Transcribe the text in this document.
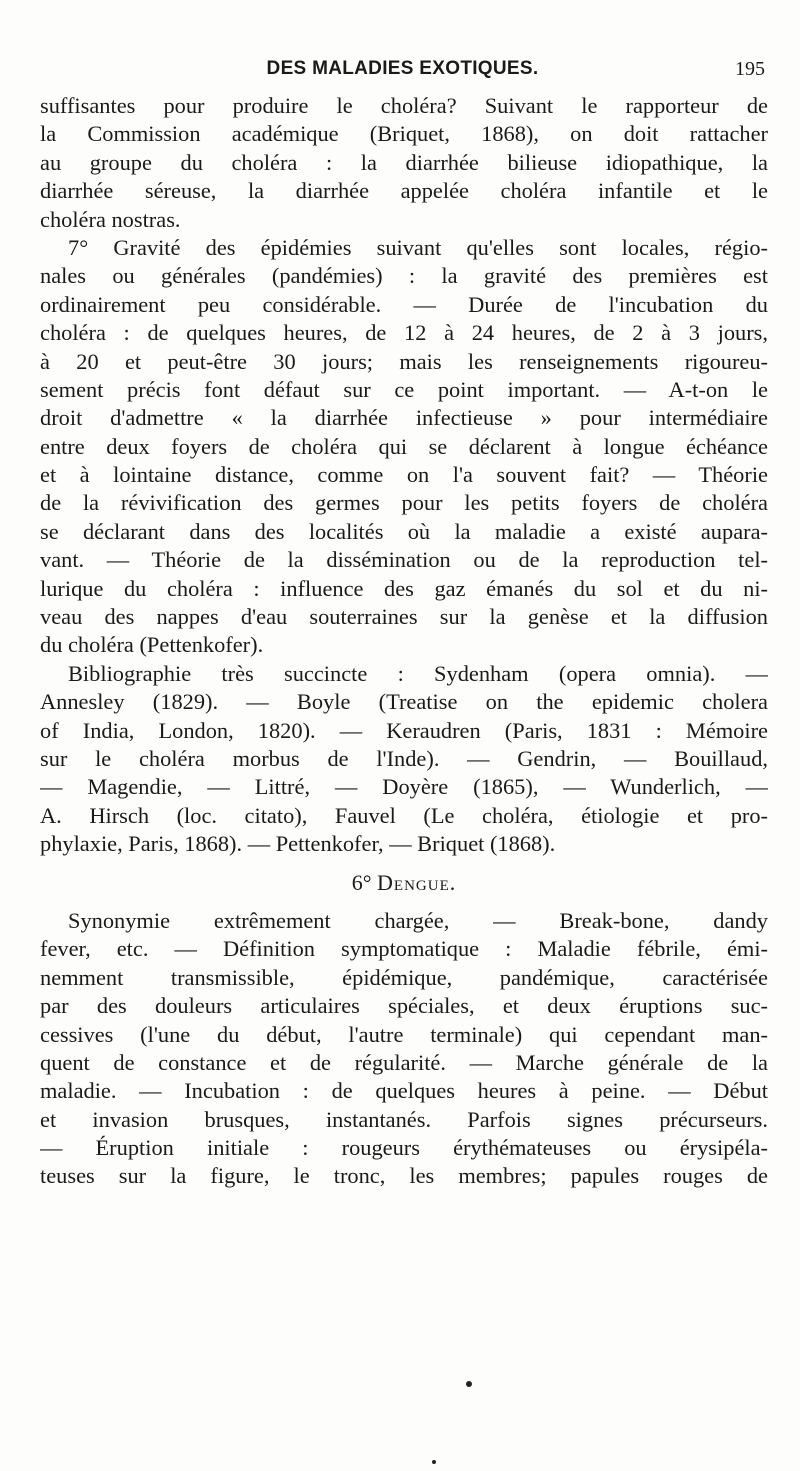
DES MALADIES EXOTIQUES.	195
suffisantes pour produire le choléra? Suivant le rapporteur de
la Commission académique (Briquet, 1868), on doit rattacher
au groupe du choléra : la diarrhée bilieuse idiopathique, la
diarrhée séreuse, la diarrhée appelée choléra infantile et le
choléra nostras.
7° Gravité des épidémies suivant qu'elles sont locales, régio-
nales ou générales (pandémies) : la gravité des premières est
ordinairement peu considérable. — Durée de l'incubation du
choléra : de quelques heures, de 12 à 24 heures, de 2 à 3 jours,
à 20 et peut-être 30 jours; mais les renseignements rigoureu-
sement précis font défaut sur ce point important. — A-t-on le
droit d'admettre « la diarrhée infectieuse » pour intermédiaire
entre deux foyers de choléra qui se déclarent à longue échéance
et à lointaine distance, comme on l'a souvent fait? — Théorie
de la révivification des germes pour les petits foyers de choléra
se déclarant dans des localités où la maladie a existé aupara-
vant. — Théorie de la dissémination ou de la reproduction tel-
lurique du choléra : influence des gaz émanés du sol et du ni-
veau des nappes d'eau souterraines sur la genèse et la diffusion
du choléra (Pettenkofer).
Bibliographie très succincte : Sydenham (opera omnia). —
Annesley (1829). — Boyle (Treatise on the epidemic cholera
of India, London, 1820). — Keraudren (Paris, 1831 : Mémoire
sur le choléra morbus de l'Inde). — Gendrin, — Bouillaud,
— Magendie, — Littré, — Doyère (1865), — Wunderlich, —
A. Hirsch (loc. citato), Fauvel (Le choléra, étiologie et pro-
phylaxie, Paris, 1868). — Pettenkofer, — Briquet (1868).
6° Dengue.
Synonymie extrêmement chargée, — Break-bone, dandy
fever, etc. — Définition symptomatique : Maladie fébrile, émi-
nemment transmissible, épidémique, pandémique, caractérisée
par des douleurs articulaires spéciales, et deux éruptions suc-
cessives (l'une du début, l'autre terminale) qui cependant man-
quent de constance et de régularité. — Marche générale de la
maladie. — Incubation : de quelques heures à peine. — Début
et invasion brusques, instantanés. Parfois signes précurseurs.
— Éruption initiale : rougeurs érythémateuses ou érysipéla-
teuses sur la figure, le tronc, les membres; papules rouges de
